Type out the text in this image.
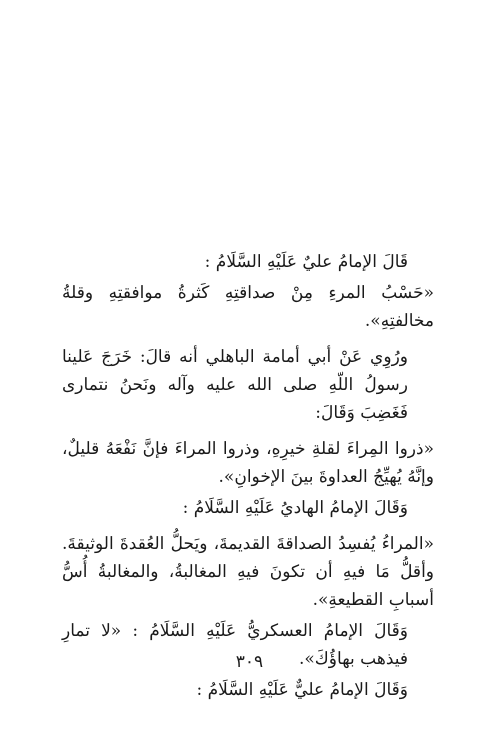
قَالَ الإمامُ عليٌ عَلَيْهِ السَّلَامُ :

«حَسْبُ المرءِ مِنْ صداقتِهِ كَثرةُ موافقتِهِ وقلةُ مخالفتِهِ».

ورُوِي عَنْ أبي أمامة الباهلي أنه قالَ: خَرَجَ عَلينا رسولُ اللّهِ صلى الله عليه وآله ونَحنُ نتمارى فَغَضِبَ وَقَالَ:

«ذروا المِراءَ لقلةِ خيرِهِ، وذروا المراءَ فإنَّ نَفْعَهُ قليلٌ، وإنَّهُ يُهيِّجُ العداوةَ بينَ الإخوانِ».

وَقَالَ الإمامُ الهاديُ عَلَيْهِ السَّلَامُ :

«المراءُ يُفسِدُ الصداقةَ القديمةَ، ويَحلُّ العُقدةَ الوثيقةَ. وأقلُّ مَا فيهِ أن تكونَ فيهِ المغالبةُ، والمغالبةُ أُسُّ أسبابِ القطيعةِ».

وَقَالَ الإمامُ العسكريُّ عَلَيْهِ السَّلَامُ : «لا تمارِ فيذهب بهاؤُكَ».

وَقَالَ الإمامُ عليٌّ عَلَيْهِ السَّلَامُ :

٣٠٩
